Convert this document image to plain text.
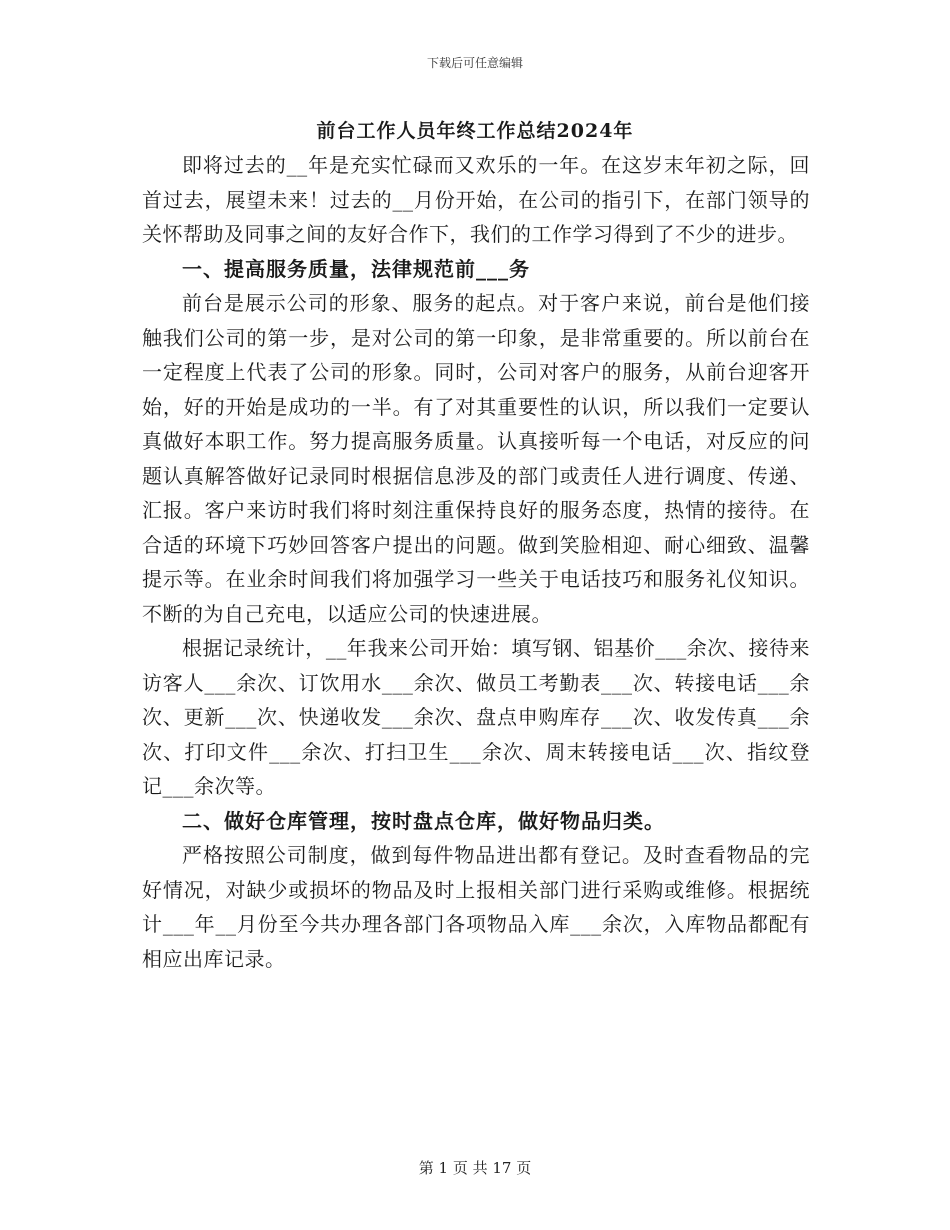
下载后可任意编辑
前台工作人员年终工作总结2024年

即将过去的__年是充实忙碌而又欢乐的一年。在这岁末年初之际，回首过去，展望未来！过去的__月份开始，在公司的指引下，在部门领导的关怀帮助及同事之间的友好合作下，我们的工作学习得到了不少的进步。

一、提高服务质量，法律规范前___务

前台是展示公司的形象、服务的起点。对于客户来说，前台是他们接触我们公司的第一步，是对公司的第一印象，是非常重要的。所以前台在一定程度上代表了公司的形象。同时，公司对客户的服务，从前台迎客开始，好的开始是成功的一半。有了对其重要性的认识，所以我们一定要认真做好本职工作。努力提高服务质量。认真接听每一个电话，对反应的问题认真解答做好记录同时根据信息涉及的部门或责任人进行调度、传递、汇报。客户来访时我们将时刻注重保持良好的服务态度，热情的接待。在合适的环境下巧妙回答客户提出的问题。做到笑脸相迎、耐心细致、温馨提示等。在业余时间我们将加强学习一些关于电话技巧和服务礼仪知识。不断的为自己充电，以适应公司的快速进展。

根据记录统计，__年我来公司开始：填写钢、铝基价___余次、接待来访客人___余次、订饮用水___余次、做员工考勤表___次、转接电话___余次、更新___次、快递收发___余次、盘点申购库存___次、收发传真___余次、打印文件___余次、打扫卫生___余次、周末转接电话___次、指纹登记___余次等。

二、做好仓库管理，按时盘点仓库，做好物品归类。

严格按照公司制度，做到每件物品进出都有登记。及时查看物品的完好情况，对缺少或损坏的物品及时上报相关部门进行采购或维修。根据统计___年__月份至今共办理各部门各项物品入库___余次，入库物品都配有相应出库记录。

第 1 页 共 17 页
